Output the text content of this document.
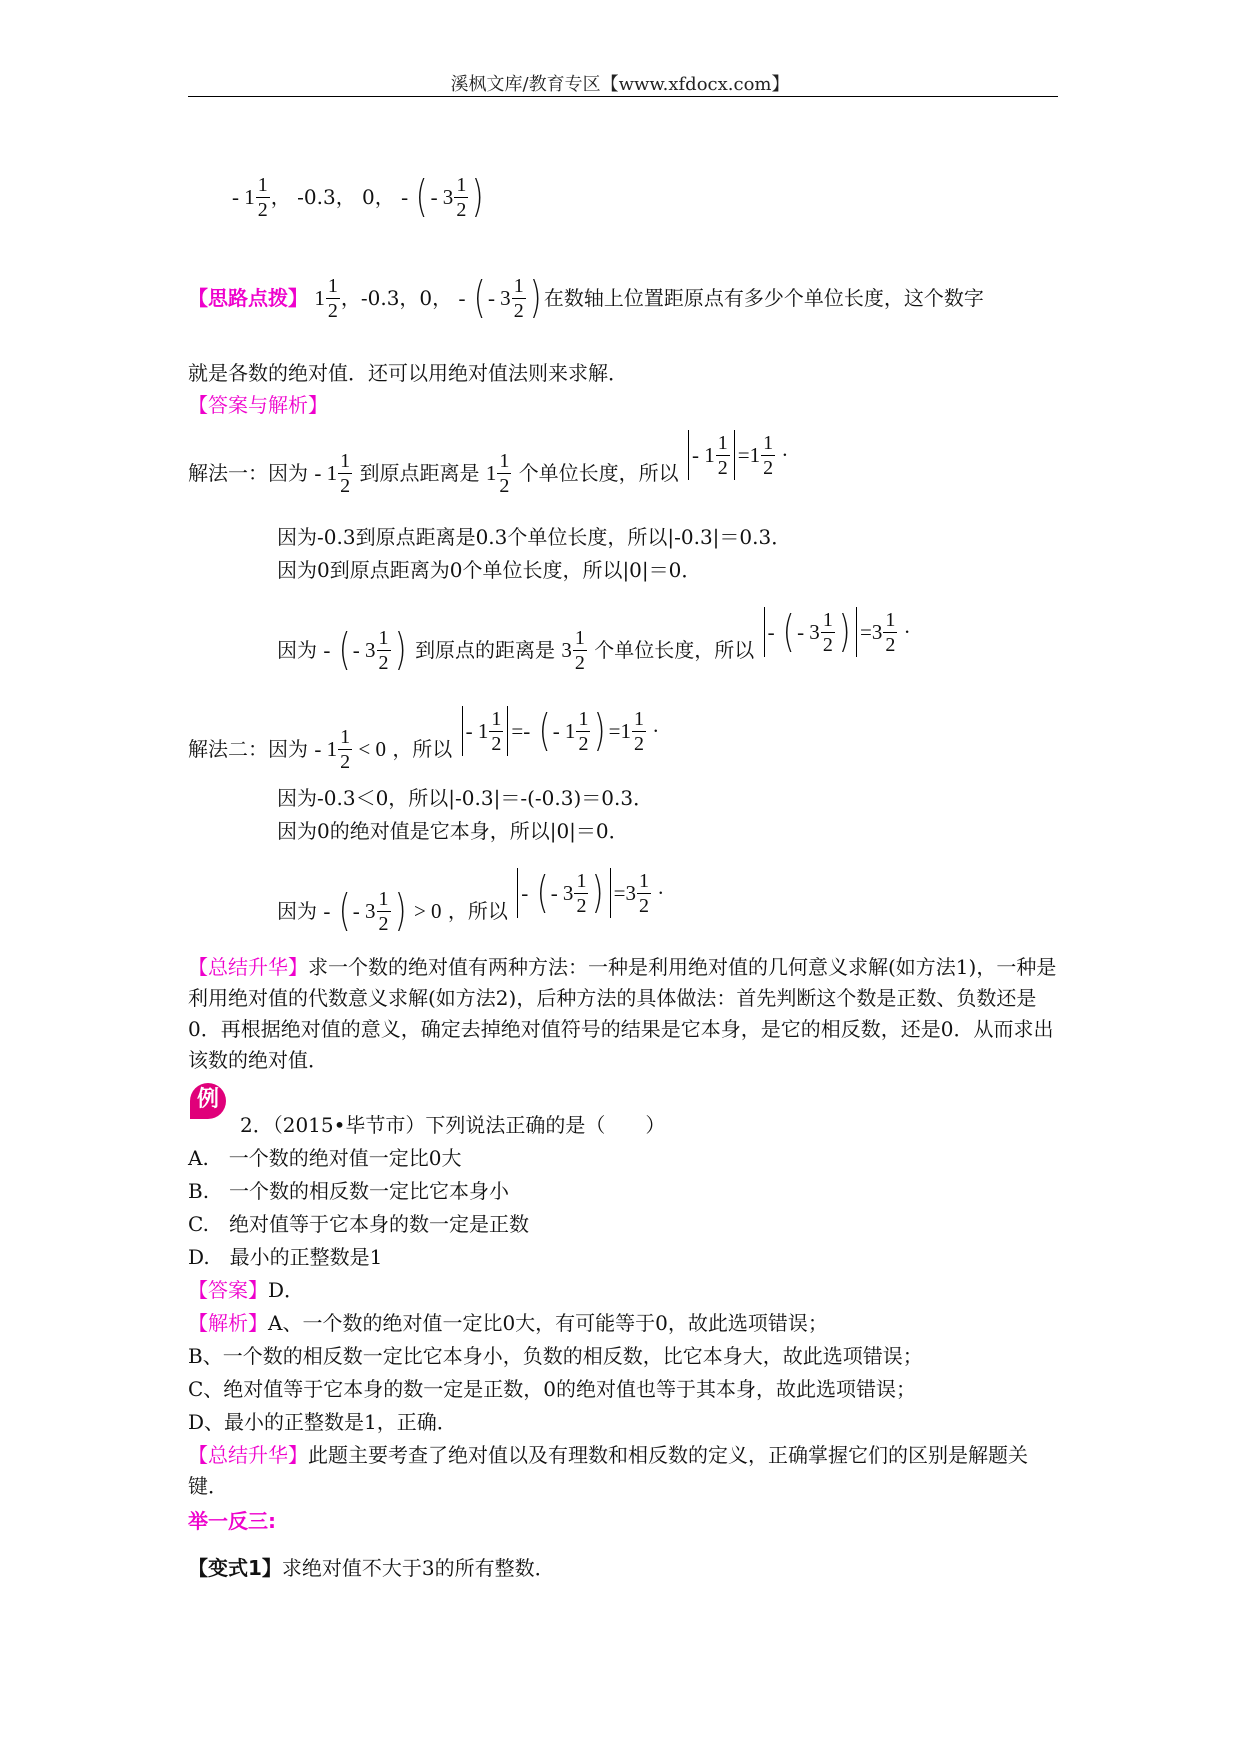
溪枫文库/教育专区【www.xfdocx.com】
- $1 \frac{1}{2}$ ， -0.3， 0， - ( - $3 \frac{1}{2}$ )
【思路点拨】 $1 \frac{1}{2}$ ，-0.3，0， - ( - $3 \frac{1}{2}$ ) 在数轴上位置距原点有多少个单位长度，这个数字
就是各数的绝对值．还可以用绝对值法则来求解．
【答案与解析】
解法一：因为 - $1 \frac{1}{2}$ 到原点距离是 $1 \frac{1}{2}$ 个单位长度，所以
- $1 \frac{1}{2} =1 \frac{1}{2}$ ·
因为-0.3到原点距离是0.3个单位长度，所以|-0.3|＝0.3．
因为0到原点距离为0个单位长度，所以|0|＝0．
因为 - ( - $3 \frac{1}{2}$ ) 到原点的距离是 $3 \frac{1}{2}$ 个单位长度，所以
- ( - $3 \frac{1}{2}$ ) $=3 \frac{1}{2}$ ·
解法二：因为 - $1 \frac{1}{2} < 0$ ，所以
- $1 \frac{1}{2}$ =- ( - $1 \frac{1}{2}$ ) $=1 \frac{1}{2}$ ·
因为-0.3＜0，所以|-0.3|＝-(-0.3)＝0.3．
因为0的绝对值是它本身，所以|0|＝0．
因为 - ( - $3 \frac{1}{2}$ ) > 0 ，所以
- ( - $3 \frac{1}{2}$ ) $=3 \frac{1}{2}$ ·
【总结升华】求一个数的绝对值有两种方法：一种是利用绝对值的几何意义求解(如方法1)，一种是利用绝对值的代数意义求解(如方法2)，后种方法的具体做法：首先判断这个数是正数、负数还是0．再根据绝对值的意义，确定去掉绝对值符号的结果是它本身，是它的相反数，还是0．从而求出该数的绝对值．
例
2．（2015•毕节市）下列说法正确的是（　　）
A.　一个数的绝对值一定比0大
B.　一个数的相反数一定比它本身小
C.　绝对值等于它本身的数一定是正数
D.　最小的正整数是1
【答案】D．
【解析】A、一个数的绝对值一定比0大，有可能等于0，故此选项错误；
B、一个数的相反数一定比它本身小，负数的相反数，比它本身大，故此选项错误；
C、绝对值等于它本身的数一定是正数，0的绝对值也等于其本身，故此选项错误；
D、最小的正整数是1，正确．
【总结升华】此题主要考查了绝对值以及有理数和相反数的定义，正确掌握它们的区别是解题关键．
举一反三:
【变式1】求绝对值不大于3的所有整数．
